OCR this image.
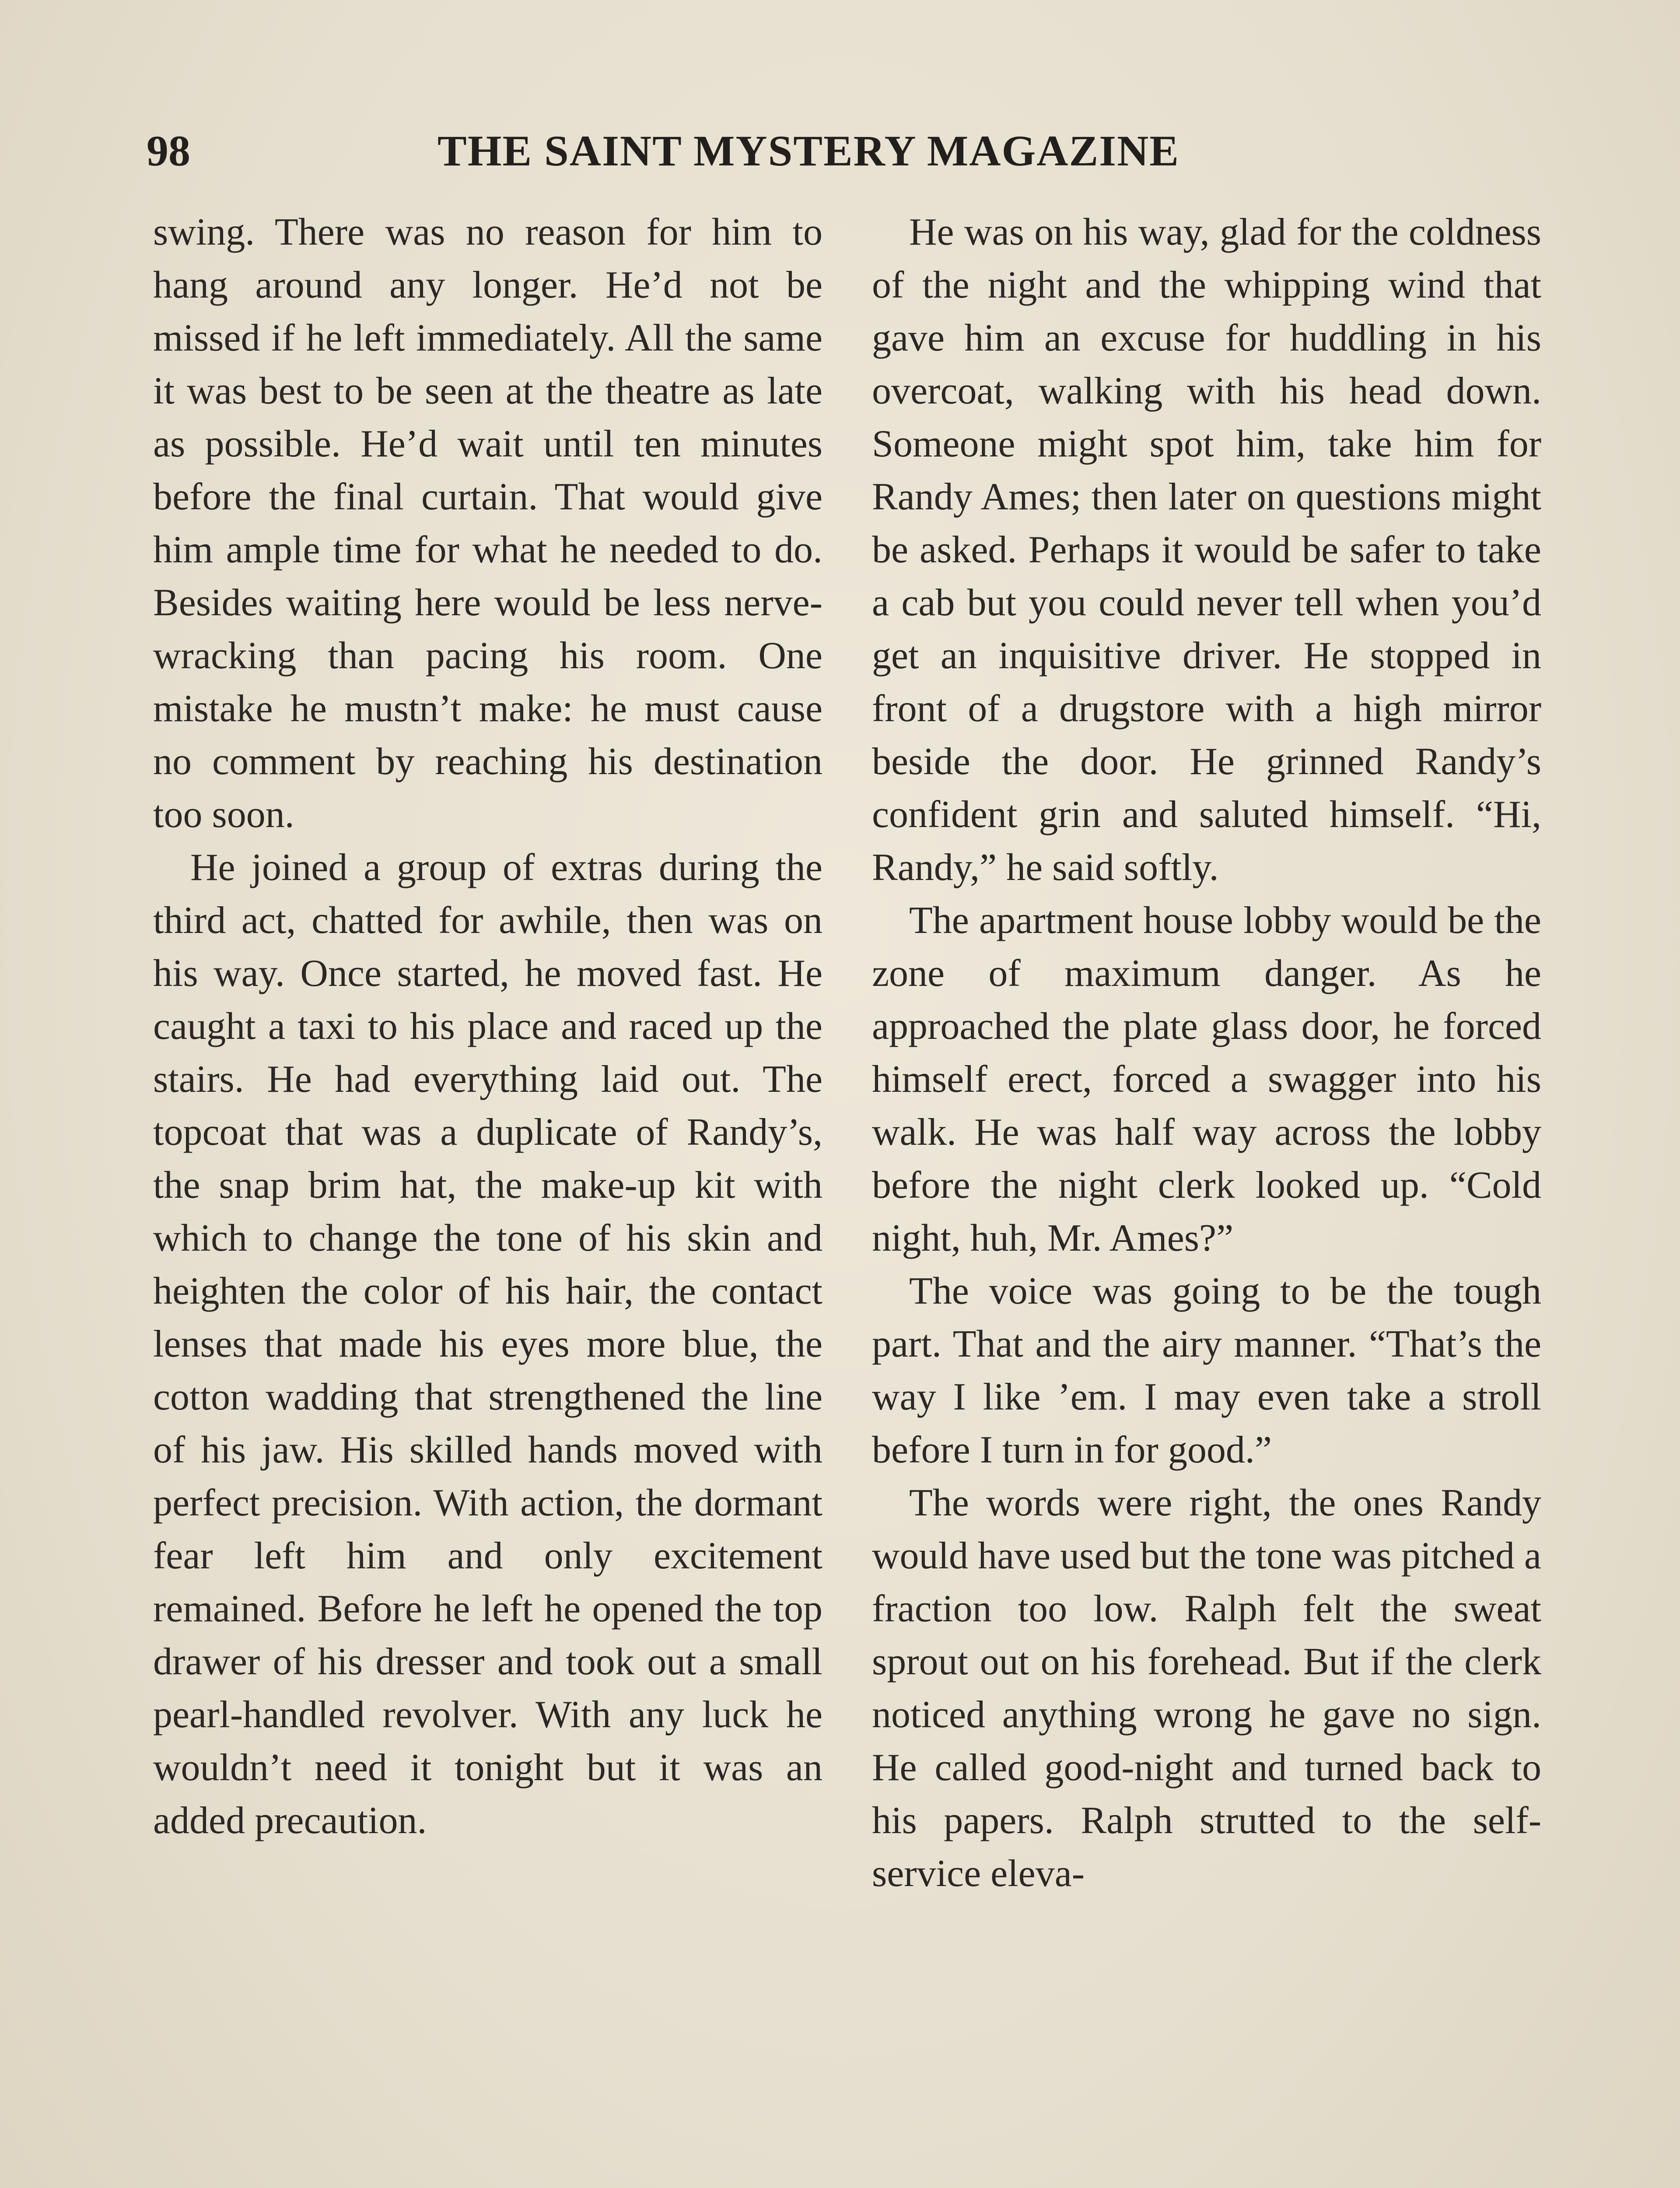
98	THE SAINT MYSTERY MAGAZINE

swing. There was no reason for him to hang around any longer. He’d not be missed if he left immediately. All the same it was best to be seen at the theatre as late as possible. He’d wait until ten minutes before the final curtain. That would give him ample time for what he needed to do. Besides waiting here would be less nerve-wracking than pacing his room. One mistake he mustn’t make: he must cause no comment by reaching his destination too soon.

He joined a group of extras during the third act, chatted for awhile, then was on his way. Once started, he moved fast. He caught a taxi to his place and raced up the stairs. He had everything laid out. The topcoat that was a duplicate of Randy’s, the snap brim hat, the make-up kit with which to change the tone of his skin and heighten the color of his hair, the contact lenses that made his eyes more blue, the cotton wadding that strengthened the line of his jaw. His skilled hands moved with perfect precision. With action, the dormant fear left him and only excitement remained. Before he left he opened the top drawer of his dresser and took out a small pearl-handled revolver. With any luck he wouldn’t need it tonight but it was an added precaution.

He was on his way, glad for the coldness of the night and the whipping wind that gave him an excuse for huddling in his overcoat, walking with his head down. Someone might spot him, take him for Randy Ames; then later on questions might be asked. Perhaps it would be safer to take a cab but you could never tell when you’d get an inquisitive driver. He stopped in front of a drugstore with a high mirror beside the door. He grinned Randy’s confident grin and saluted himself. “Hi, Randy,” he said softly.

The apartment house lobby would be the zone of maximum danger. As he approached the plate glass door, he forced himself erect, forced a swagger into his walk. He was half way across the lobby before the night clerk looked up. “Cold night, huh, Mr. Ames?”

The voice was going to be the tough part. That and the airy manner. “That’s the way I like ’em. I may even take a stroll before I turn in for good.”

The words were right, the ones Randy would have used but the tone was pitched a fraction too low. Ralph felt the sweat sprout out on his forehead. But if the clerk noticed anything wrong he gave no sign. He called good-night and turned back to his papers. Ralph strutted to the self-service eleva-
